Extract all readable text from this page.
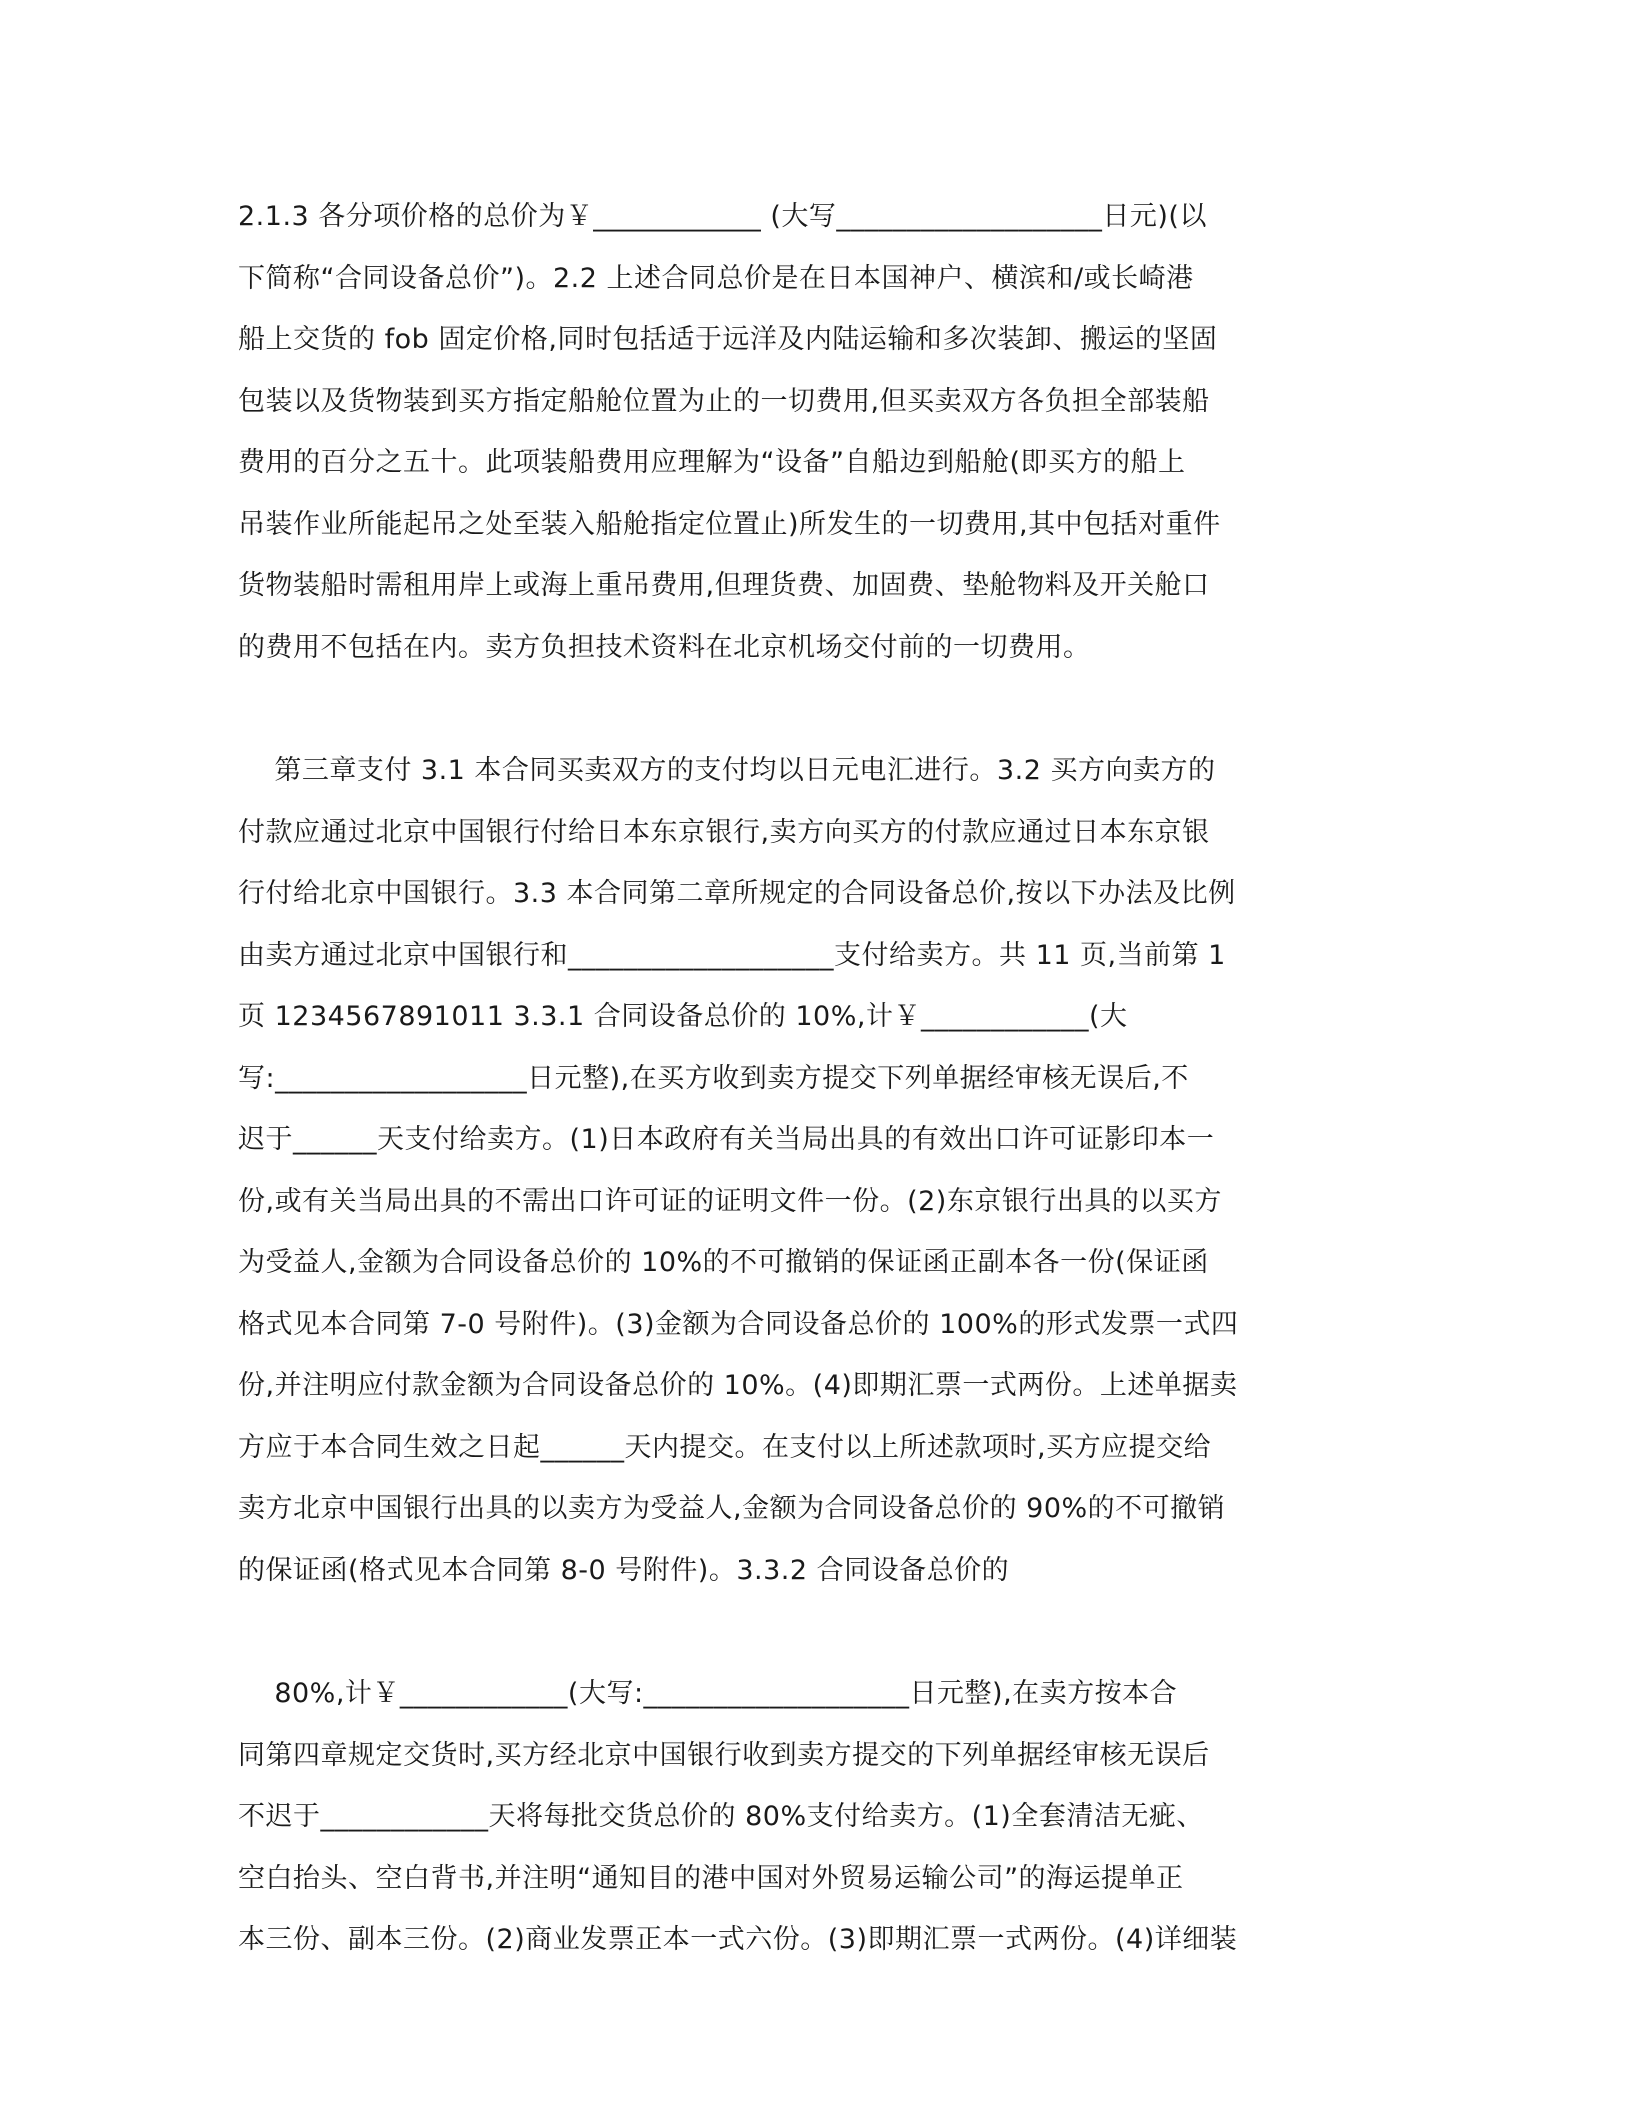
2.1.3 各分项价格的总价为￥____________ (大写___________________日元)(以
下简称“合同设备总价”)。2.2 上述合同总价是在日本国神户、横滨和/或长崎港
船上交货的 fob 固定价格,同时包括适于远洋及内陆运输和多次装卸、搬运的坚固
包装以及货物装到买方指定船舱位置为止的一切费用,但买卖双方各负担全部装船
费用的百分之五十。此项装船费用应理解为“设备”自船边到船舱(即买方的船上
吊装作业所能起吊之处至装入船舱指定位置止)所发生的一切费用,其中包括对重件
货物装船时需租用岸上或海上重吊费用,但理货费、加固费、垫舱物料及开关舱口
的费用不包括在内。卖方负担技术资料在北京机场交付前的一切费用。
第三章支付 3.1 本合同买卖双方的支付均以日元电汇进行。3.2 买方向卖方的
付款应通过北京中国银行付给日本东京银行,卖方向买方的付款应通过日本东京银
行付给北京中国银行。3.3 本合同第二章所规定的合同设备总价,按以下办法及比例
由卖方通过北京中国银行和___________________支付给卖方。共 11 页,当前第 1
页 1234567891011 3.3.1 合同设备总价的 10%,计￥____________(大
写:__________________日元整),在买方收到卖方提交下列单据经审核无误后,不
迟于______天支付给卖方。(1)日本政府有关当局出具的有效出口许可证影印本一
份,或有关当局出具的不需出口许可证的证明文件一份。(2)东京银行出具的以买方
为受益人,金额为合同设备总价的 10%的不可撤销的保证函正副本各一份(保证函
格式见本合同第 7-0 号附件)。(3)金额为合同设备总价的 100%的形式发票一式四
份,并注明应付款金额为合同设备总价的 10%。(4)即期汇票一式两份。上述单据卖
方应于本合同生效之日起______天内提交。在支付以上所述款项时,买方应提交给
卖方北京中国银行出具的以卖方为受益人,金额为合同设备总价的 90%的不可撤销
的保证函(格式见本合同第 8-0 号附件)。3.3.2 合同设备总价的
80%,计￥____________(大写:___________________日元整),在卖方按本合
同第四章规定交货时,买方经北京中国银行收到卖方提交的下列单据经审核无误后
不迟于____________天将每批交货总价的 80%支付给卖方。(1)全套清洁无疵、
空白抬头、空白背书,并注明“通知目的港中国对外贸易运输公司”的海运提单正
本三份、副本三份。(2)商业发票正本一式六份。(3)即期汇票一式两份。(4)详细装
